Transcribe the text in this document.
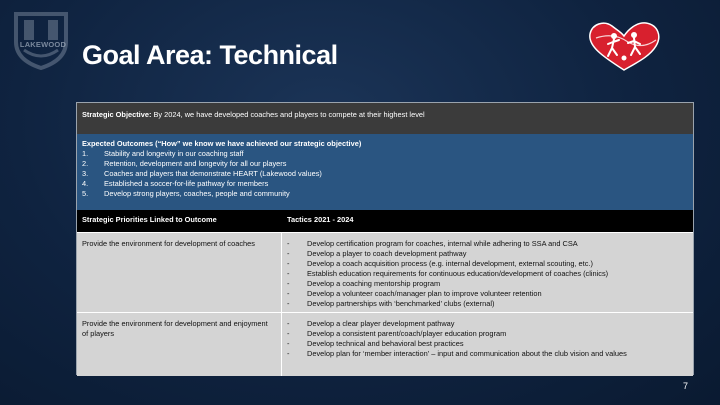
LAKEWOOD Goal Area: Technical
Strategic Objective: By 2024, we have developed coaches and players to compete at their highest level
Expected Outcomes (“How” we know we have achieved our strategic objective)
1.	Stability and longevity in our coaching staff
2.	Retention, development and longevity for all our players
3.	Coaches and players that demonstrate HEART (Lakewood values)
4.	Established a soccer-for-life pathway for members
5.	Develop strong players, coaches, people and community
Strategic Priorities Linked to Outcome	Tactics 2021 - 2024
Provide the environment for development of coaches	-	Develop certification program for coaches, internal while adhering to SSA and CSA
-	Develop a player to coach development pathway
-	Develop a coach acquisition process (e.g. internal development, external scouting, etc.)
-	Establish education requirements for continuous education/development of coaches (clinics)
-	Develop a coaching mentorship program
-	Develop a volunteer coach/manager plan to improve volunteer retention
-	Develop partnerships with ‘benchmarked’ clubs (external)
Provide the environment for development and enjoyment of players
-	Develop a clear player development pathway
-	Develop a consistent parent/coach/player education program
-	Develop technical and behavioral best practices
-	Develop plan for ‘member interaction’ – input and communication about the club vision and values
7
